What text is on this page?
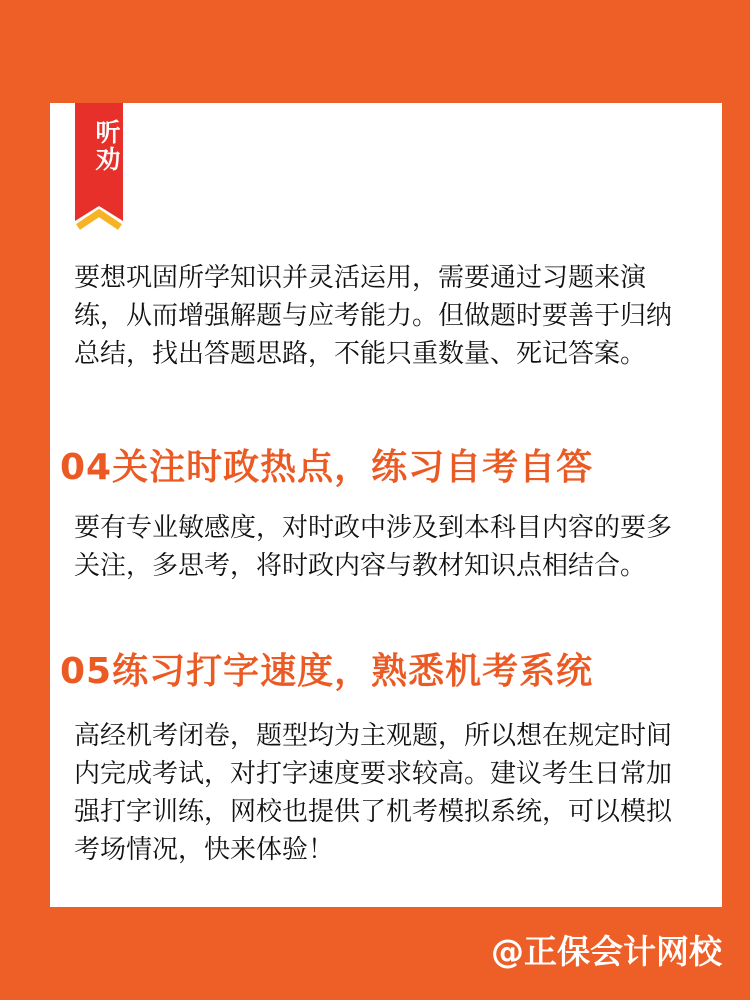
听劝

要想巩固所学知识并灵活运用，需要通过习题来演练，从而增强解题与应考能力。但做题时要善于归纳总结，找出答题思路，不能只重数量、死记答案。

04关注时政热点，练习自考自答

要有专业敏感度，对时政中涉及到本科目内容的要多关注，多思考，将时政内容与教材知识点相结合。

05练习打字速度，熟悉机考系统

高经机考闭卷，题型均为主观题，所以想在规定时间内完成考试，对打字速度要求较高。建议考生日常加强打字训练，网校也提供了机考模拟系统，可以模拟考场情况，快来体验！

@正保会计网校
